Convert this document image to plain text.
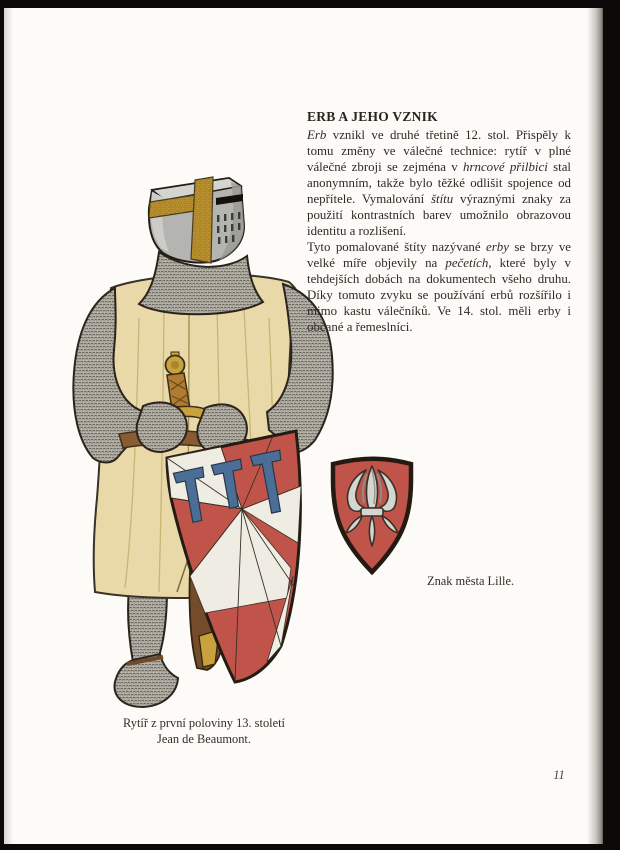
ERB A JEHO VZNIK

Erb vznikl ve druhé třetině 12. stol. Přispěly k tomu změny ve válečné technice: rytíř v plné válečné zbroji se zejména v hrncové přilbici stal anonymním, takže bylo těžké odlišit spojence od nepřítele. Vymalování štítu výraznými znaky za použití kontrastních barev umožnilo obrazovou identitu a rozlišení.

Tyto pomalované štíty nazývané erby se brzy ve velké míře objevily na pečetích, které byly v tehdejších dobách na dokumentech všeho druhu. Díky tomuto zvyku se používání erbů rozšířilo i mimo kastu válečníků. Ve 14. stol. měli erby i občané a řemeslníci.

Znak města Lille.
Rytíř z první poloviny 13. století
Jean de Beaumont.
11
